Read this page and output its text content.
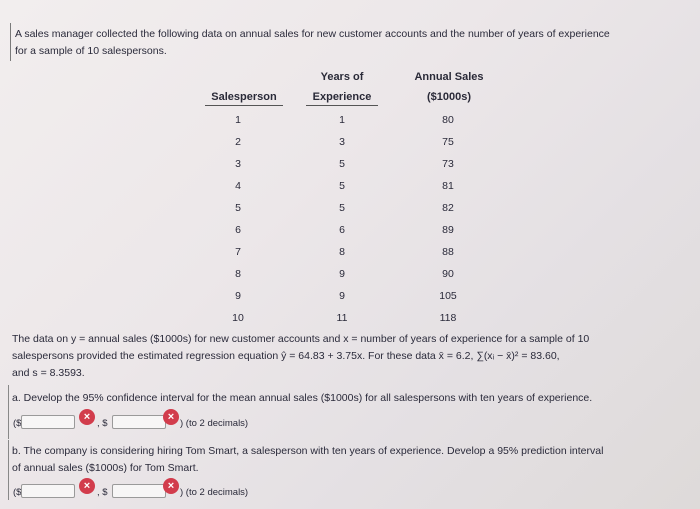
A sales manager collected the following data on annual sales for new customer accounts and the number of years of experience
for a sample of 10 salespersons.
Salesperson
Years of
Experience
Annual Sales
($1000s)
1	1	80
2	3	75
3	5	73
4	5	81
5	5	82
6	6	89
7	8	88
8	9	90
9	9	105
10	11	118
The data on y = annual sales ($1000s) for new customer accounts and x = number of years of experience for a sample of 10
salespersons provided the estimated regression equation ŷ = 64.83 + 3.75x. For these data x̄ = 6.2, ∑(xᵢ − x̄)² = 83.60,
and s = 8.3593.
a. Develop the 95% confidence interval for the mean annual sales ($1000s) for all salespersons with ten years of experience.
($
×
, $
×
) (to 2 decimals)
b. The company is considering hiring Tom Smart, a salesperson with ten years of experience. Develop a 95% prediction interval
of annual sales ($1000s) for Tom Smart.
($
×
, $
×
) (to 2 decimals)
